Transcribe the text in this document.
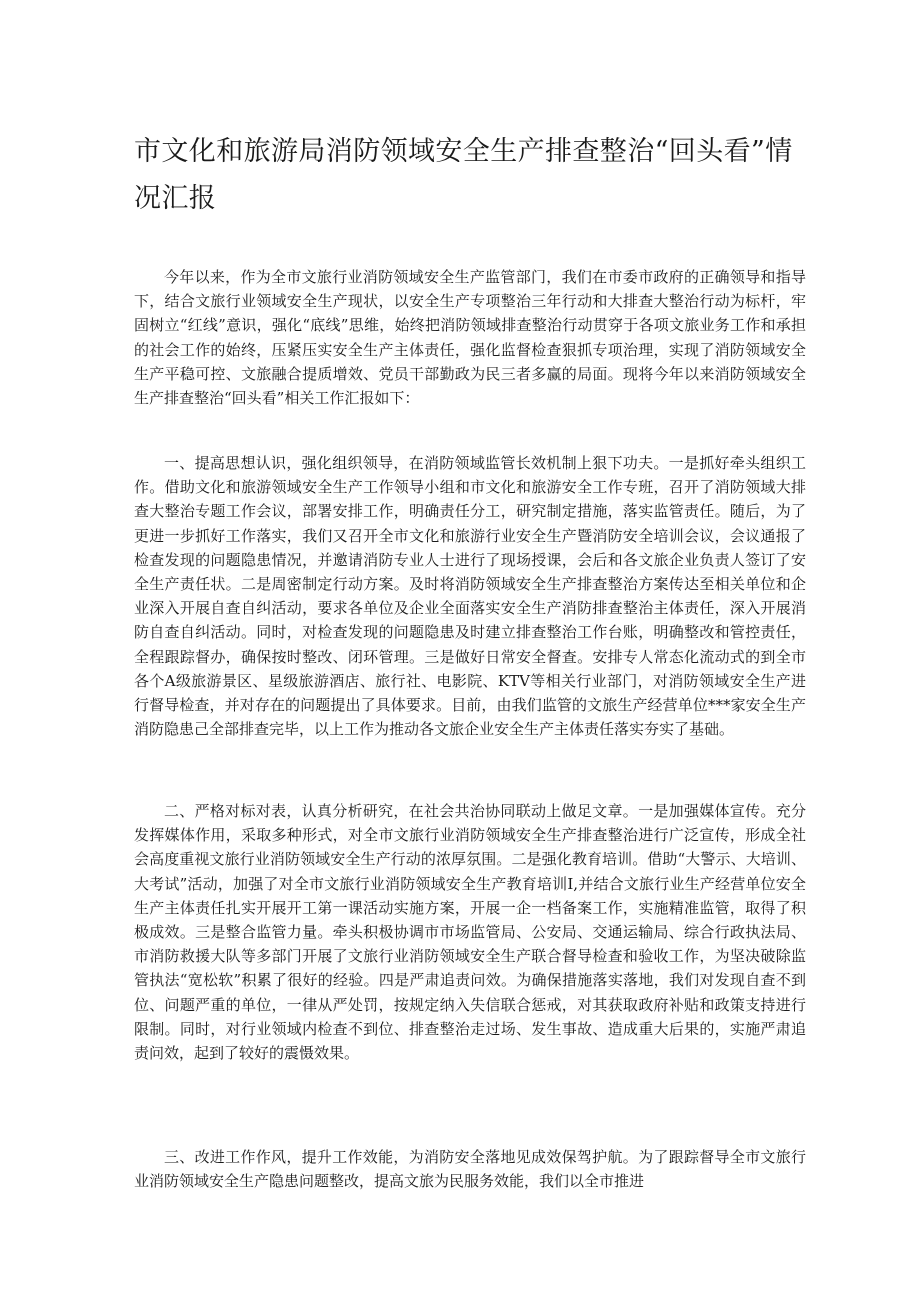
市文化和旅游局消防领域安全生产排查整治“回头看”情况汇报

今年以来，作为全市文旅行业消防领域安全生产监管部门，我们在市委市政府的正确领导和指导下，结合文旅行业领域安全生产现状，以安全生产专项整治三年行动和大排查大整治行动为标杆，牢固树立“红线”意识，强化“底线”思维，始终把消防领域排查整治行动贯穿于各项文旅业务工作和承担的社会工作的始终，压紧压实安全生产主体责任，强化监督检查狠抓专项治理，实现了消防领域安全生产平稳可控、文旅融合提质增效、党员干部勤政为民三者多赢的局面。现将今年以来消防领域安全生产排查整治“回头看”相关工作汇报如下：

一、提高思想认识，强化组织领导，在消防领域监管长效机制上狠下功夫。一是抓好牵头组织工作。借助文化和旅游领域安全生产工作领导小组和市文化和旅游安全工作专班，召开了消防领域大排查大整治专题工作会议，部署安排工作，明确责任分工，研究制定措施，落实监管责任。随后，为了更进一步抓好工作落实，我们又召开全市文化和旅游行业安全生产暨消防安全培训会议，会议通报了检查发现的问题隐患情况，并邀请消防专业人士进行了现场授课，会后和各文旅企业负责人签订了安全生产责任状。二是周密制定行动方案。及时将消防领域安全生产排查整治方案传达至相关单位和企业深入开展自查自纠活动，要求各单位及企业全面落实安全生产消防排查整治主体责任，深入开展消防自查自纠活动。同时，对检查发现的问题隐患及时建立排查整治工作台账，明确整改和管控责任，全程跟踪督办，确保按时整改、闭环管理。三是做好日常安全督查。安排专人常态化流动式的到全市各个A级旅游景区、星级旅游酒店、旅行社、电影院、KTV等相关行业部门，对消防领域安全生产进行督导检查，并对存在的问题提出了具体要求。目前，由我们监管的文旅生产经营单位***家安全生产消防隐患己全部排查完毕，以上工作为推动各文旅企业安全生产主体责任落实夯实了基础。

二、严格对标对表，认真分析研究，在社会共治协同联动上做足文章。一是加强媒体宣传。充分发挥媒体作用，采取多种形式，对全市文旅行业消防领域安全生产排查整治进行广泛宣传，形成全社会高度重视文旅行业消防领域安全生产行动的浓厚氛围。二是强化教育培训。借助“大警示、大培训、大考试”活动，加强了对全市文旅行业消防领域安全生产教育培训I,并结合文旅行业生产经营单位安全生产主体责任扎实开展开工第一课活动实施方案，开展一企一档备案工作，实施精准监管，取得了积极成效。三是整合监管力量。牵头积极协调市市场监管局、公安局、交通运输局、综合行政执法局、市消防救援大队等多部门开展了文旅行业消防领域安全生产联合督导检查和验收工作，为坚决破除监管执法“宽松软”积累了很好的经验。四是严肃追责问效。为确保措施落实落地，我们对发现自查不到位、问题严重的单位，一律从严处罚，按规定纳入失信联合惩戒，对其获取政府补贴和政策支持进行限制。同时，对行业领域内检查不到位、排查整治走过场、发生事故、造成重大后果的，实施严肃追责问效，起到了较好的震慑效果。

三、改进工作作风，提升工作效能，为消防安全落地见成效保驾护航。为了跟踪督导全市文旅行业消防领域安全生产隐患问题整改，提高文旅为民服务效能，我们以全市推进
